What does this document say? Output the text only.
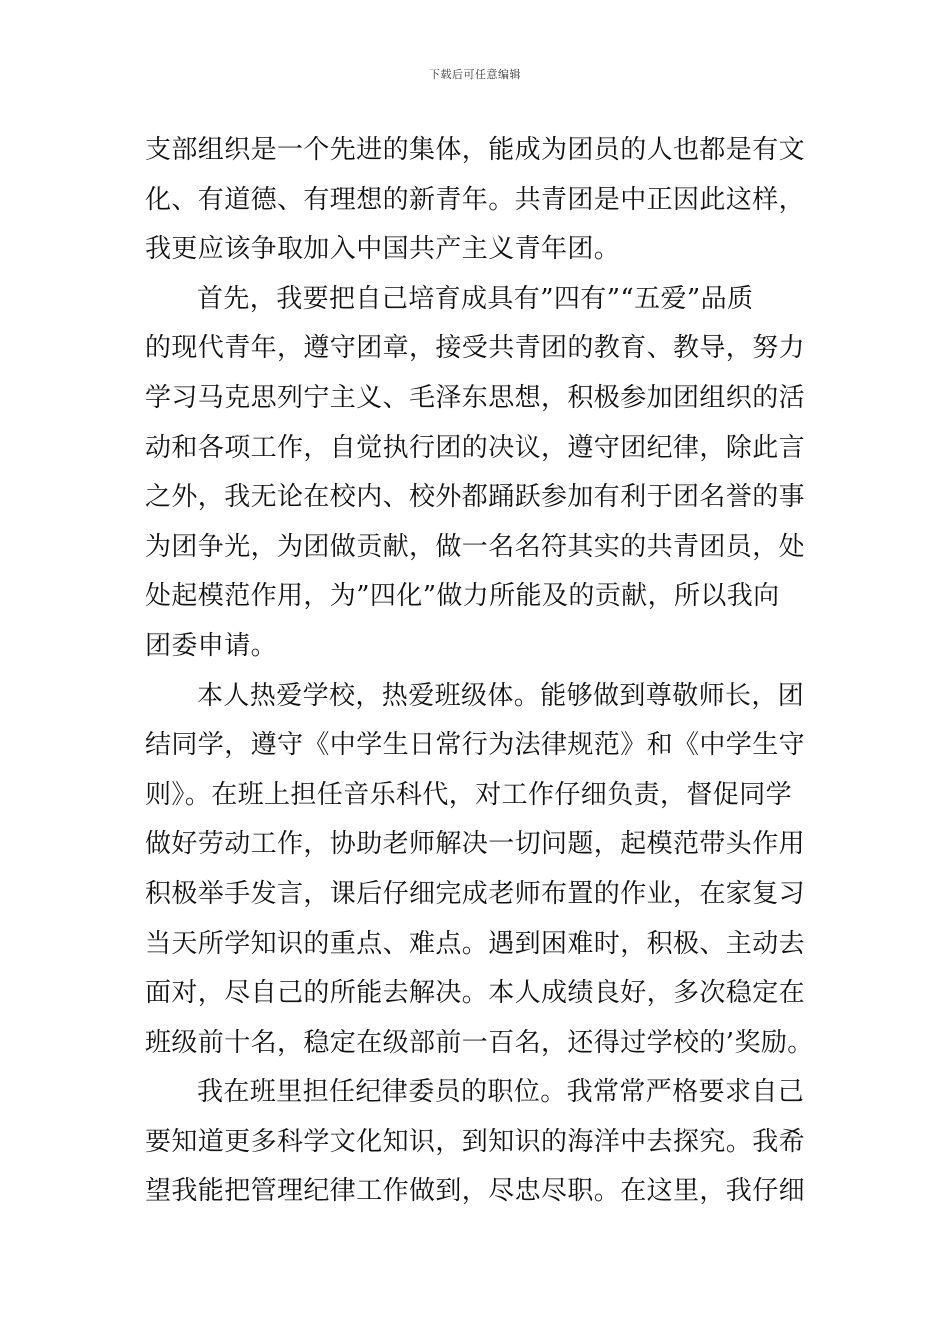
下载后可任意编辑
支部组织是一个先进的集体，能成为团员的人也都是有文
化、有道德、有理想的新青年。共青团是中正因此这样，
我更应该争取加入中国共产主义青年团。
首先，我要把自己培育成具有”四有”“五爱”品质
的现代青年，遵守团章，接受共青团的教育、教导，努力
学习马克思列宁主义、毛泽东思想，积极参加团组织的活
动和各项工作，自觉执行团的决议，遵守团纪律，除此言
之外，我无论在校内、校外都踊跃参加有利于团名誉的事
为团争光，为团做贡献，做一名名符其实的共青团员，处
处起模范作用，为”四化”做力所能及的贡献，所以我向
团委申请。
本人热爱学校，热爱班级体。能够做到尊敬师长，团
结同学，遵守《中学生日常行为法律规范》和《中学生守
则》。在班上担任音乐科代，对工作仔细负责，督促同学
做好劳动工作，协助老师解决一切问题，起模范带头作用
积极举手发言，课后仔细完成老师布置的作业，在家复习
当天所学知识的重点、难点。遇到困难时，积极、主动去
面对，尽自己的所能去解决。本人成绩良好，多次稳定在
班级前十名，稳定在级部前一百名，还得过学校的’奖励。
我在班里担任纪律委员的职位。我常常严格要求自己
要知道更多科学文化知识，到知识的海洋中去探究。我希
望我能把管理纪律工作做到，尽忠尽职。在这里，我仔细
